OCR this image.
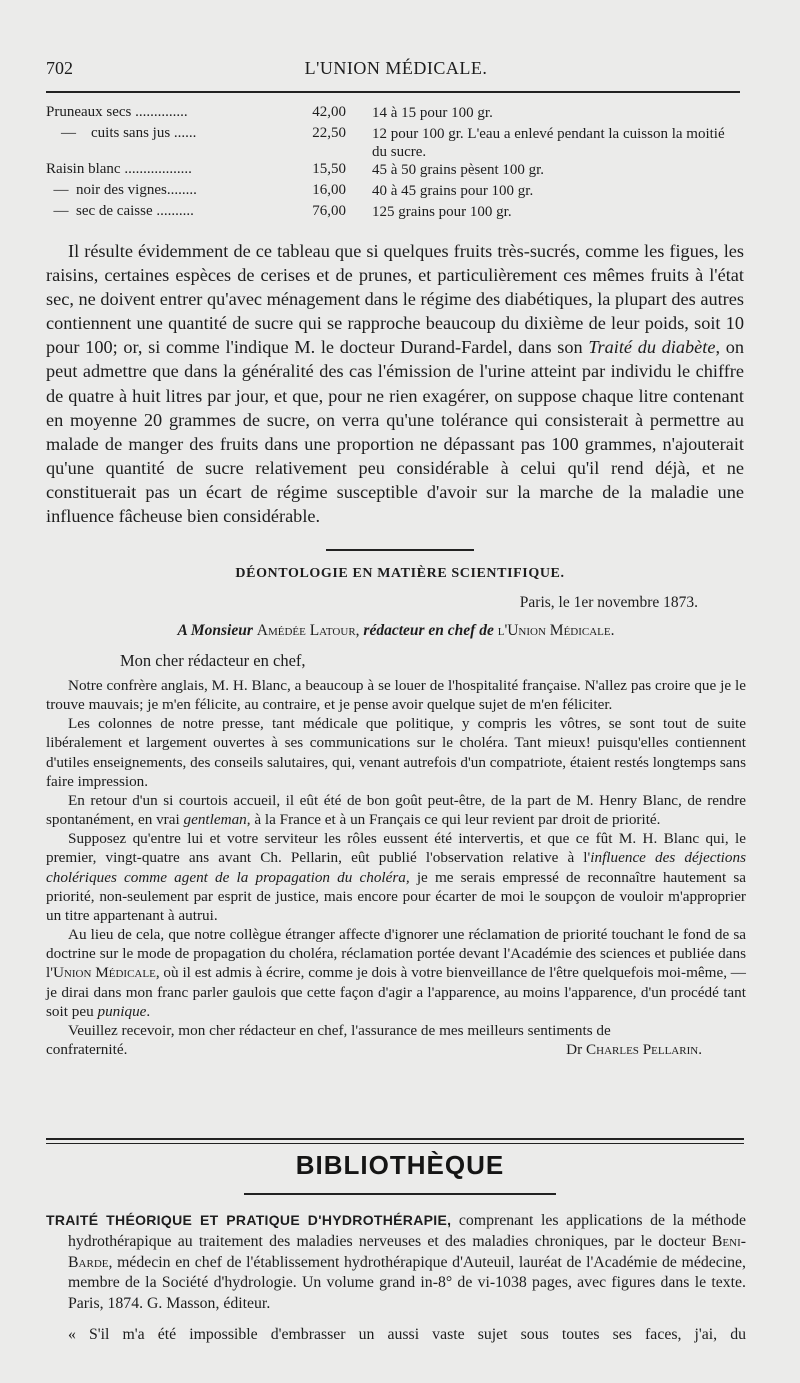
702	L'UNION MÉDICALE.
Pruneaux secs ..............	42,00 14 à 15 pour 100 gr.
—    cuits sans jus ......	22,50 12 pour 100 gr. L'eau a enlevé pendant la cuisson la moitié du sucre.
Raisin blanc ..................	15,50 45 à 50 grains pèsent 100 gr.
—  noir des vignes........	16,00 40 à 45 grains pour 100 gr.
—  sec de caisse ..........	76,00 125 grains pour 100 gr.

Il résulte évidemment de ce tableau que si quelques fruits très-sucrés, comme les figues, les raisins, certaines espèces de cerises et de prunes, et particulièrement ces mêmes fruits à l'état sec, ne doivent entrer qu'avec ménagement dans le régime des diabétiques, la plupart des autres contiennent une quantité de sucre qui se rapproche beaucoup du dixième de leur poids, soit 10 pour 100; or, si comme l'indique M. le docteur Durand-Fardel, dans son Traité du diabète, on peut admettre que dans la généralité des cas l'émission de l'urine atteint par individu le chiffre de quatre à huit litres par jour, et que, pour ne rien exagérer, on suppose chaque litre contenant en moyenne 20 grammes de sucre, on verra qu'une tolérance qui consisterait à permettre au malade de manger des fruits dans une proportion ne dépassant pas 100 grammes, n'ajouterait qu'une quantité de sucre relativement peu considérable à celui qu'il rend déjà, et ne constituerait pas un écart de régime susceptible d'avoir sur la marche de la maladie une influence fâcheuse bien considérable.

DÉONTOLOGIE EN MATIÈRE SCIENTIFIQUE.
Paris, le 1er novembre 1873.
A Monsieur Amédée Latour, rédacteur en chef de l'Union Médicale.
Mon cher rédacteur en chef,

Notre confrère anglais, M. H. Blanc, a beaucoup à se louer de l'hospitalité française. N'allez pas croire que je le trouve mauvais; je m'en félicite, au contraire, et je pense avoir quelque sujet de m'en féliciter.

Les colonnes de notre presse, tant médicale que politique, y compris les vôtres, se sont tout de suite libéralement et largement ouvertes à ses communications sur le choléra. Tant mieux! puisqu'elles contiennent d'utiles enseignements, des conseils salutaires, qui, venant autrefois d'un compatriote, étaient restés longtemps sans faire impression.

En retour d'un si courtois accueil, il eût été de bon goût peut-être, de la part de M. Henry Blanc, de rendre spontanément, en vrai gentleman, à la France et à un Français ce qui leur revient par droit de priorité.

Supposez qu'entre lui et votre serviteur les rôles eussent été intervertis, et que ce fût M. H. Blanc qui, le premier, vingt-quatre ans avant Ch. Pellarin, eût publié l'observation relative à l'influence des déjections cholériques comme agent de la propagation du choléra, je me serais empressé de reconnaître hautement sa priorité, non-seulement par esprit de justice, mais encore pour écarter de moi le soupçon de vouloir m'approprier un titre appartenant à autrui.

Au lieu de cela, que notre collègue étranger affecte d'ignorer une réclamation de priorité touchant le fond de sa doctrine sur le mode de propagation du choléra, réclamation portée devant l'Académie des sciences et publiée dans l'Union Médicale, où il est admis à écrire, comme je dois à votre bienveillance de l'être quelquefois moi-même, — je dirai dans mon franc parler gaulois que cette façon d'agir a l'apparence, au moins l'apparence, d'un procédé tant soit peu punique.

Veuillez recevoir, mon cher rédacteur en chef, l'assurance de mes meilleurs sentiments de

confraternité.	Dr Charles Pellarin.
BIBLIOTHÈQUE

TRAITÉ THÉORIQUE ET PRATIQUE D'HYDROTHÉRAPIE, comprenant les applications de la méthode hydrothérapique au traitement des maladies nerveuses et des maladies chroniques, par le docteur Beni-Barde, médecin en chef de l'établissement hydrothérapique d'Auteuil, lauréat de l'Académie de médecine, membre de la Société d'hydrologie. Un volume grand in-8° de vi-1038 pages, avec figures dans le texte. Paris, 1874. G. Masson, éditeur.

« S'il m'a été impossible d'embrasser un aussi vaste sujet sous toutes ses faces, j'ai, du
